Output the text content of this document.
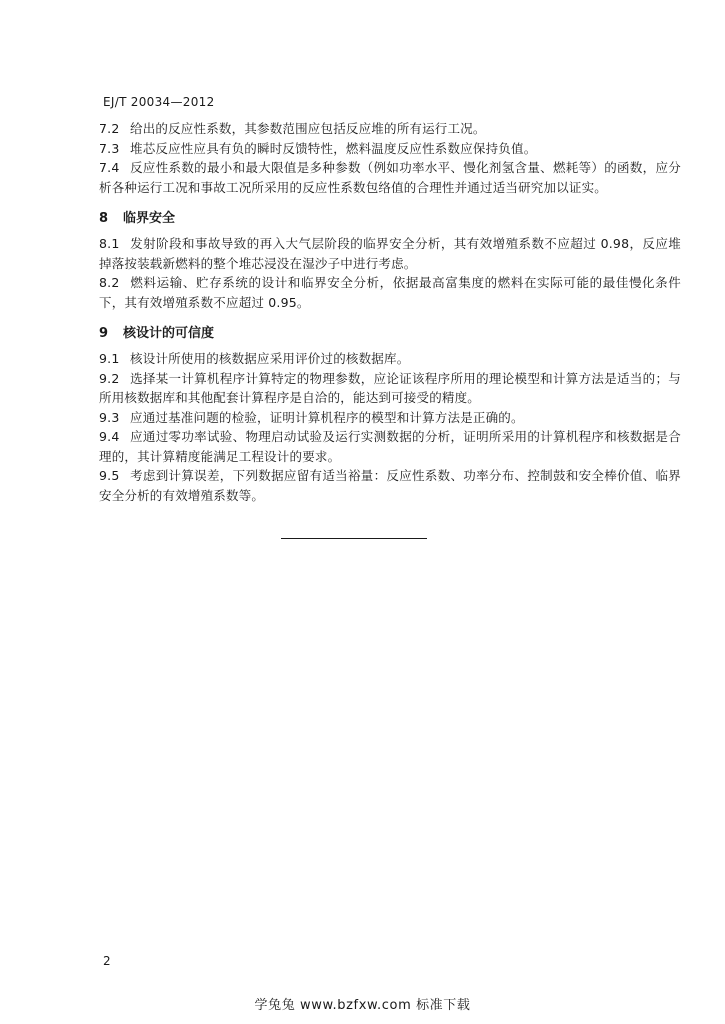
EJ/T 20034—2012

7.2 给出的反应性系数，其参数范围应包括反应堆的所有运行工况。

7.3 堆芯反应性应具有负的瞬时反馈特性，燃料温度反应性系数应保持负值。

7.4 反应性系数的最小和最大限值是多种参数（例如功率水平、慢化剂氢含量、燃耗等）的函数，应分析各种运行工况和事故工况所采用的反应性系数包络值的合理性并通过适当研究加以证实。

8 临界安全

8.1 发射阶段和事故导致的再入大气层阶段的临界安全分析，其有效增殖系数不应超过 0.98，反应堆掉落按装载新燃料的整个堆芯浸没在湿沙子中进行考虑。

8.2 燃料运输、贮存系统的设计和临界安全分析，依据最高富集度的燃料在实际可能的最佳慢化条件下，其有效增殖系数不应超过 0.95。

9 核设计的可信度

9.1 核设计所使用的核数据应采用评价过的核数据库。

9.2 选择某一计算机程序计算特定的物理参数，应论证该程序所用的理论模型和计算方法是适当的；与所用核数据库和其他配套计算程序是自洽的，能达到可接受的精度。

9.3 应通过基准问题的检验，证明计算机程序的模型和计算方法是正确的。

9.4 应通过零功率试验、物理启动试验及运行实测数据的分析，证明所采用的计算机程序和核数据是合理的，其计算精度能满足工程设计的要求。

9.5 考虑到计算误差，下列数据应留有适当裕量：反应性系数、功率分布、控制鼓和安全棒价值、临界安全分析的有效增殖系数等。

2
学兔兔 www.bzfxw.com 标准下载
